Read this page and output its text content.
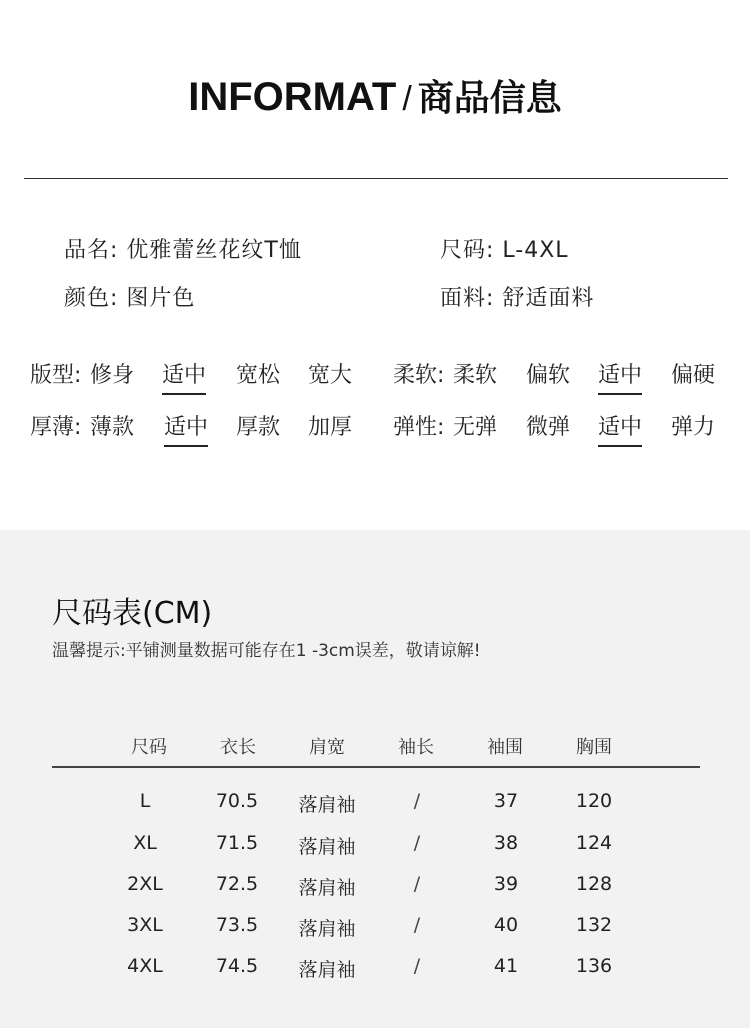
INFORMAT / 商品信息
品名: 优雅蕾丝花纹T恤	尺码: L-4XL
颜色: 图片色	面料: 舒适面料
版型: 修身 适中 宽松 宽大 柔软: 柔软 偏软 适中 偏硬
厚薄: 薄款 适中 厚款 加厚 弹性: 无弹 微弹 适中 弹力
尺码表(CM)
温馨提示:平铺测量数据可能存在1 -3cm误差，敬请谅解!
尺码	衣长	肩宽	袖长	袖围	胸围
L	70.5	落肩袖	/	37	120
XL	71.5	落肩袖	/	38	124
2XL	72.5	落肩袖	/	39	128
3XL	73.5	落肩袖	/	40	132
4XL	74.5	落肩袖	/	41	136
